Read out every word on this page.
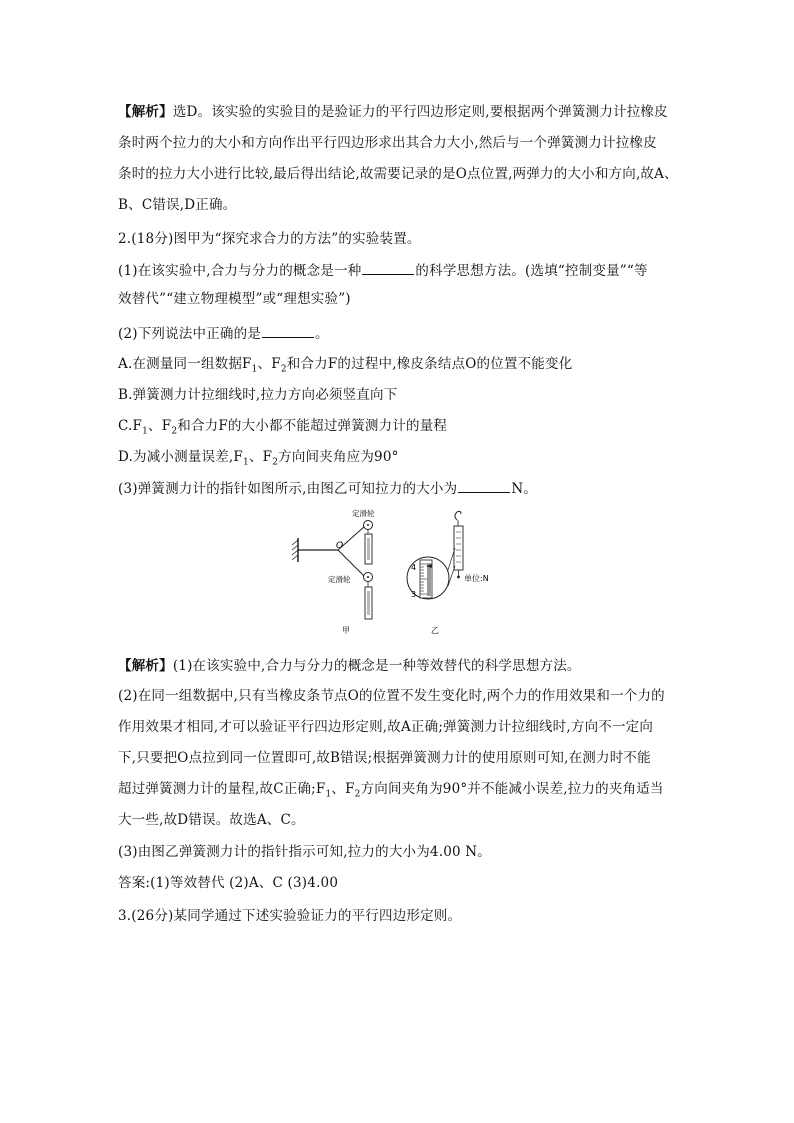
【解析】选D。该实验的实验目的是验证力的平行四边形定则,要根据两个弹簧测力计拉橡皮
条时两个拉力的大小和方向作出平行四边形求出其合力大小,然后与一个弹簧测力计拉橡皮
条时的拉力大小进行比较,最后得出结论,故需要记录的是O点位置,两弹力的大小和方向,故A、
B、C错误,D正确。
2.(18分)图甲为“探究求合力的方法”的实验装置。
(1)在该实验中,合力与分力的概念是一种	的科学思想方法。(选填“控制变量”“等
效替代”“建立物理模型”或“理想实验”)
(2)下列说法中正确的是	。
A.在测量同一组数据$F_1$、$F_2$和合力F的过程中,橡皮条结点O的位置不能变化
B.弹簧测力计拉细线时,拉力方向必须竖直向下
$C.F_1$、$F_2$和合力F的大小都不能超过弹簧测力计的量程
D.为减小测量误差$,F_1$、$F_2$方向间夹角应为90°
(3)弹簧测力计的指针如图所示,由图乙可知拉力的大小为	N。
O
定滑轮
定滑轮
甲
4
3
单位:N
乙
【解析】(1)在该实验中,合力与分力的概念是一种等效替代的科学思想方法。
(2)在同一组数据中,只有当橡皮条节点O的位置不发生变化时,两个力的作用效果和一个力的
作用效果才相同,才可以验证平行四边形定则,故A正确;弹簧测力计拉细线时,方向不一定向
下,只要把O点拉到同一位置即可,故B错误;根据弹簧测力计的使用原则可知,在测力时不能
超过弹簧测力计的量程,故C正确$;F_1$、$F_2$方向间夹角为90°并不能减小误差,拉力的夹角适当
大一些,故D错误。故选A、C。
(3)由图乙弹簧测力计的指针指示可知,拉力的大小为4.00 N。
答案:(1)等效替代 (2)A、C (3)4.00
3.(26分)某同学通过下述实验验证力的平行四边形定则。
